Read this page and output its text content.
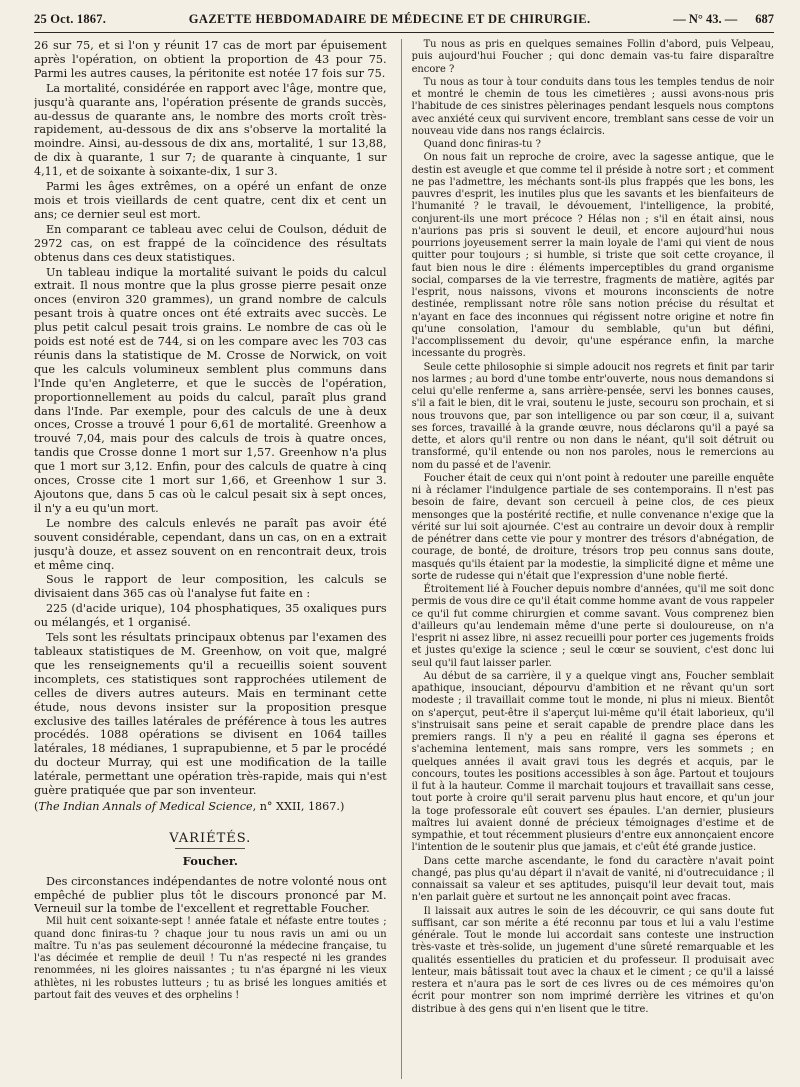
25 Oct. 1867.	GAZETTE HEBDOMADAIRE DE MÉDECINE ET DE CHIRURGIE.	— N° 43. — 687

26 sur 75, et si l'on y réunit 17 cas de mort par épuisement après l'opération, on obtient la proportion de 43 pour 75. Parmi les autres causes, la péritonite est notée 17 fois sur 75.

La mortalité, considérée en rapport avec l'âge, montre que, jusqu'à quarante ans, l'opération présente de grands succès, au-dessus de quarante ans, le nombre des morts croît très-rapidement, au-dessous de dix ans s'observe la mortalité la moindre. Ainsi, au-dessous de dix ans, mortalité, 1 sur 13,88, de dix à quarante, 1 sur 7; de quarante à cinquante, 1 sur 4,11, et de soixante à soixante-dix, 1 sur 3.

Parmi les âges extrêmes, on a opéré un enfant de onze mois et trois vieillards de cent quatre, cent dix et cent un ans; ce dernier seul est mort.

En comparant ce tableau avec celui de Coulson, déduit de 2972 cas, on est frappé de la coïncidence des résultats obtenus dans ces deux statistiques.

Un tableau indique la mortalité suivant le poids du calcul extrait. Il nous montre que la plus grosse pierre pesait onze onces (environ 320 grammes), un grand nombre de calculs pesant trois à quatre onces ont été extraits avec succès. Le plus petit calcul pesait trois grains. Le nombre de cas où le poids est noté est de 744, si on les compare avec les 703 cas réunis dans la statistique de M. Crosse de Norwick, on voit que les calculs volumineux semblent plus communs dans l'Inde qu'en Angleterre, et que le succès de l'opération, proportionnellement au poids du calcul, paraît plus grand dans l'Inde. Par exemple, pour des calculs de une à deux onces, Crosse a trouvé 1 pour 6,61 de mortalité. Greenhow a trouvé 7,04, mais pour des calculs de trois à quatre onces, tandis que Crosse donne 1 mort sur 1,57. Greenhow n'a plus que 1 mort sur 3,12. Enfin, pour des calculs de quatre à cinq onces, Crosse cite 1 mort sur 1,66, et Greenhow 1 sur 3. Ajoutons que, dans 5 cas où le calcul pesait six à sept onces, il n'y a eu qu'un mort.

Le nombre des calculs enlevés ne paraît pas avoir été souvent considérable, cependant, dans un cas, on en a extrait jusqu'à douze, et assez souvent on en rencontrait deux, trois et même cinq.

Sous le rapport de leur composition, les calculs se divisaient dans 365 cas où l'analyse fut faite en :

225 (d'acide urique), 104 phosphatiques, 35 oxaliques purs ou mélangés, et 1 organisé.

Tels sont les résultats principaux obtenus par l'examen des tableaux statistiques de M. Greenhow, on voit que, malgré que les renseignements qu'il a recueillis soient souvent incomplets, ces statistiques sont rapprochées utilement de celles de divers autres auteurs. Mais en terminant cette étude, nous devons insister sur la proposition presque exclusive des tailles latérales de préférence à tous les autres procédés. 1088 opérations se divisent en 1064 tailles latérales, 18 médianes, 1 suprapubienne, et 5 par le procédé du docteur Murray, qui est une modification de la taille latérale, permettant une opération très-rapide, mais qui n'est guère pratiquée que par son inventeur.

(The Indian Annals of Medical Science, n° XXII, 1867.)

VARIÉTÉS.
Foucher.

Des circonstances indépendantes de notre volonté nous ont empêché de publier plus tôt le discours prononcé par M. Verneuil sur la tombe de l'excellent et regrettable Foucher.

Mil huit cent soixante-sept ! année fatale et néfaste entre toutes ; quand donc finiras-tu ? chaque jour tu nous ravis un ami ou un maître. Tu n'as pas seulement découronné la médecine française, tu l'as décimée et remplie de deuil ! Tu n'as respecté ni les grandes renommées, ni les gloires naissantes ; tu n'as épargné ni les vieux athlètes, ni les robustes lutteurs ; tu as brisé les longues amitiés et partout fait des veuves et des orphelins !

Tu nous as pris en quelques semaines Follin d'abord, puis Velpeau, puis aujourd'hui Foucher ; qui donc demain vas-tu faire disparaître encore ?

Tu nous as tour à tour conduits dans tous les temples tendus de noir et montré le chemin de tous les cimetières ; aussi avons-nous pris l'habitude de ces sinistres pèlerinages pendant lesquels nous comptons avec anxiété ceux qui survivent encore, tremblant sans cesse de voir un nouveau vide dans nos rangs éclaircis.

Quand donc finiras-tu ?

On nous fait un reproche de croire, avec la sagesse antique, que le destin est aveugle et que comme tel il préside à notre sort ; et comment ne pas l'admettre, les méchants sont-ils plus frappés que les bons, les pauvres d'esprit, les inutiles plus que les savants et les bienfaiteurs de l'humanité ? le travail, le dévouement, l'intelligence, la probité, conjurent-ils une mort précoce ? Hélas non ; s'il en était ainsi, nous n'aurions pas pris si souvent le deuil, et encore aujourd'hui nous pourrions joyeusement serrer la main loyale de l'ami qui vient de nous quitter pour toujours ; si humble, si triste que soit cette croyance, il faut bien nous le dire : éléments imperceptibles du grand organisme social, comparses de la vie terrestre, fragments de matière, agités par l'esprit, nous naissons, vivons et mourons inconscients de notre destinée, remplissant notre rôle sans notion précise du résultat et n'ayant en face des inconnues qui régissent notre origine et notre fin qu'une consolation, l'amour du semblable, qu'un but défini, l'accomplissement du devoir, qu'une espérance enfin, la marche incessante du progrès.

Seule cette philosophie si simple adoucit nos regrets et finit par tarir nos larmes ; au bord d'une tombe entr'ouverte, nous nous demandons si celui qu'elle renferme a, sans arrière-pensée, servi les bonnes causes, s'il a fait le bien, dit le vrai, soutenu le juste, secouru son prochain, et si nous trouvons que, par son intelligence ou par son cœur, il a, suivant ses forces, travaillé à la grande œuvre, nous déclarons qu'il a payé sa dette, et alors qu'il rentre ou non dans le néant, qu'il soit détruit ou transformé, qu'il entende ou non nos paroles, nous le remercions au nom du passé et de l'avenir.

Foucher était de ceux qui n'ont point à redouter une pareille enquête ni à réclamer l'indulgence partiale de ses contemporains. Il n'est pas besoin de faire, devant son cercueil à peine clos, de ces pieux mensonges que la postérité rectifie, et nulle convenance n'exige que la vérité sur lui soit ajournée. C'est au contraire un devoir doux à remplir de pénétrer dans cette vie pour y montrer des trésors d'abnégation, de courage, de bonté, de droiture, trésors trop peu connus sans doute, masqués qu'ils étaient par la modestie, la simplicité digne et même une sorte de rudesse qui n'était que l'expression d'une noble fierté.

Étroitement lié à Foucher depuis nombre d'années, qu'il me soit donc permis de vous dire ce qu'il était comme homme avant de vous rappeler ce qu'il fut comme chirurgien et comme savant. Vous comprenez bien d'ailleurs qu'au lendemain même d'une perte si douloureuse, on n'a l'esprit ni assez libre, ni assez recueilli pour porter ces jugements froids et justes qu'exige la science ; seul le cœur se souvient, c'est donc lui seul qu'il faut laisser parler.

Au début de sa carrière, il y a quelque vingt ans, Foucher semblait apathique, insouciant, dépourvu d'ambition et ne rêvant qu'un sort modeste ; il travaillait comme tout le monde, ni plus ni mieux. Bientôt on s'aperçut, peut-être il s'aperçut lui-même qu'il était laborieux, qu'il s'instruisait sans peine et serait capable de prendre place dans les premiers rangs. Il n'y a peu en réalité il gagna ses éperons et s'achemina lentement, mais sans rompre, vers les sommets ; en quelques années il avait gravi tous les degrés et acquis, par le concours, toutes les positions accessibles à son âge. Partout et toujours il fut à la hauteur. Comme il marchait toujours et travaillait sans cesse, tout porte à croire qu'il serait parvenu plus haut encore, et qu'un jour la toge professorale eût couvert ses épaules. L'an dernier, plusieurs maîtres lui avaient donné de précieux témoignages d'estime et de sympathie, et tout récemment plusieurs d'entre eux annonçaient encore l'intention de le soutenir plus que jamais, et c'eût été grande justice.

Dans cette marche ascendante, le fond du caractère n'avait point changé, pas plus qu'au départ il n'avait de vanité, ni d'outrecuidance ; il connaissait sa valeur et ses aptitudes, puisqu'il leur devait tout, mais n'en parlait guère et surtout ne les annonçait point avec fracas.

Il laissait aux autres le soin de les découvrir, ce qui sans doute fut suffisant, car son mérite a été reconnu par tous et lui a valu l'estime générale. Tout le monde lui accordait sans conteste une instruction très-vaste et très-solide, un jugement d'une sûreté remarquable et les qualités essentielles du praticien et du professeur. Il produisait avec lenteur, mais bâtissait tout avec la chaux et le ciment ; ce qu'il a laissé restera et n'aura pas le sort de ces livres ou de ces mémoires qu'on écrit pour montrer son nom imprimé derrière les vitrines et qu'on distribue à des gens qui n'en lisent que le titre.
